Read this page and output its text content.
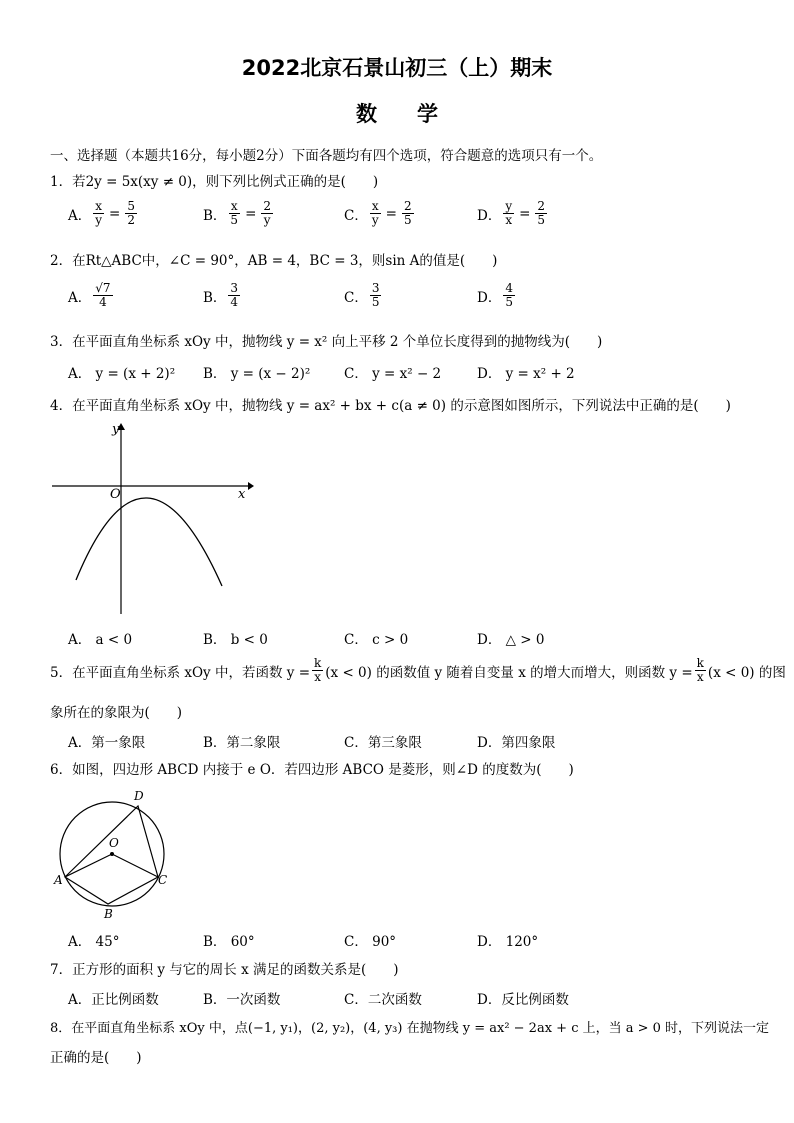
2022北京石景山初三（上）期末
数学
一、选择题（本题共16分，每小题2分）下面各题均有四个选项，符合题意的选项只有一个。
1．若2y = 5x(xy ≠ 0)，则下列比例式正确的是(　　)
A． $\frac{x}{y} = \frac{5}{2}$	B． $\frac{x}{5} = \frac{2}{y}$	C． $\frac{x}{y} = \frac{2}{5}$	D． $\frac{y}{x} = \frac{2}{5}$
2．在Rt△ABC中，∠C = 90°，AB = 4，BC = 3，则sin A的值是(　　)
A． $\frac{√7}{4}$	B． $\frac{3}{4}$	C． $\frac{3}{5}$	D． $\frac{4}{5}$
3．在平面直角坐标系 xOy 中，抛物线 y = x² 向上平移 2 个单位长度得到的抛物线为(　　)
A． y = (x + 2)² B． y = (x − 2)² C． y = x² − 2	D． y = x² + 2
4．在平面直角坐标系 xOy 中，抛物线 y = ax² + bx + c(a ≠ 0) 的示意图如图所示，下列说法中正确的是(　　)
y
x
O
A． a < 0	B． b < 0	C． c > 0	D． △ > 0
5．在平面直角坐标系 xOy 中，若函数 $y = \frac{k}{x} (x < 0)$ 的函数值 y 随着自变量 x 的增大而增大，则函数 $y = \frac{k}{x} (x < 0)$ 的图
象所在的象限为(　　)
A．第一象限	B．第二象限	C．第三象限	D．第四象限
6．如图，四边形 ABCD 内接于 e O．若四边形 ABCO 是菱形，则∠D 的度数为(　　)
A
B
C
D
O
A． 45°	B． 60°	C． 90°	D． 120°
7．正方形的面积 y 与它的周长 x 满足的函数关系是(　　)
A．正比例函数	B．一次函数	C．二次函数	D．反比例函数
8．在平面直角坐标系 xOy 中，点(−1, y₁)，(2, y₂)，(4, y₃) 在抛物线 y = ax² − 2ax + c 上，当 a > 0 时，下列说法一定
正确的是(　　)
